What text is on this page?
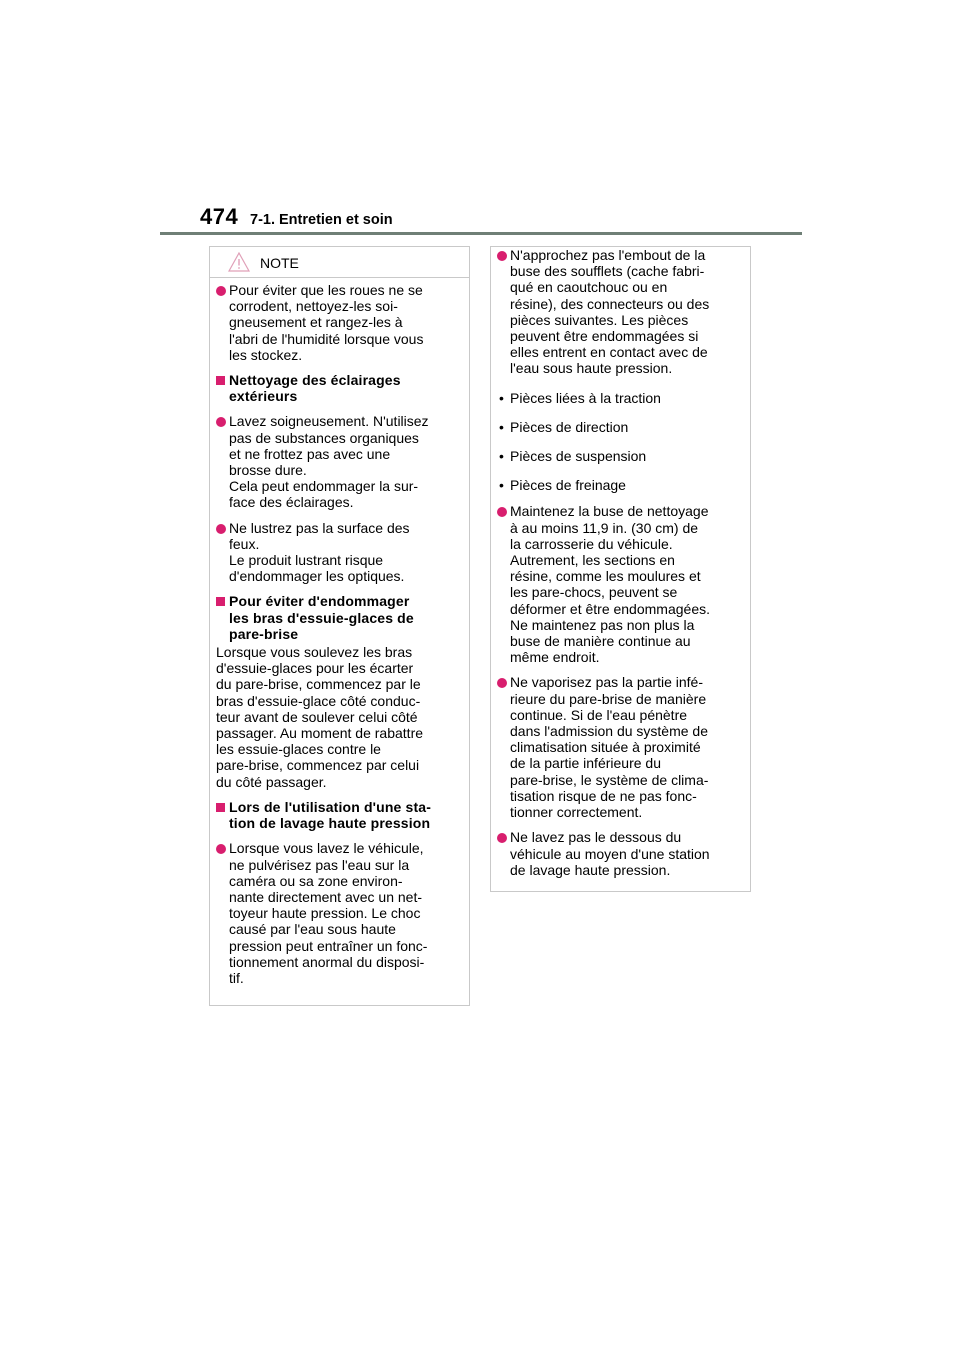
474 7-1. Entretien et soin
NOTE
Pour éviter que les roues ne se
corrodent, nettoyez-les soi-
gneusement et rangez-les à
l'abri de l'humidité lorsque vous
les stockez.
Nettoyage des éclairages
extérieurs
Lavez soigneusement. N'utilisez
pas de substances organiques
et ne frottez pas avec une
brosse dure.
Cela peut endommager la sur-
face des éclairages.
Ne lustrez pas la surface des
feux.
Le produit lustrant risque
d'endommager les optiques.
Pour éviter d'endommager
les bras d'essuie-glaces de
pare-brise
Lorsque vous soulevez les bras
d'essuie-glaces pour les écarter
du pare-brise, commencez par le
bras d'essuie-glace côté conduc-
teur avant de soulever celui côté
passager. Au moment de rabattre
les essuie-glaces contre le
pare-brise, commencez par celui
du côté passager.
Lors de l'utilisation d'une sta-
tion de lavage haute pression
Lorsque vous lavez le véhicule,
ne pulvérisez pas l'eau sur la
caméra ou sa zone environ-
nante directement avec un net-
toyeur haute pression. Le choc
causé par l'eau sous haute
pression peut entraîner un fonc-
tionnement anormal du disposi-
tif.
N'approchez pas l'embout de la
buse des soufflets (cache fabri-
qué en caoutchouc ou en
résine), des connecteurs ou des
pièces suivantes. Les pièces
peuvent être endommagées si
elles entrent en contact avec de
l'eau sous haute pression.
• Pièces liées à la traction
• Pièces de direction
• Pièces de suspension
• Pièces de freinage
Maintenez la buse de nettoyage
à au moins 11,9 in. (30 cm) de
la carrosserie du véhicule.
Autrement, les sections en
résine, comme les moulures et
les pare-chocs, peuvent se
déformer et être endommagées.
Ne maintenez pas non plus la
buse de manière continue au
même endroit.
Ne vaporisez pas la partie infé-
rieure du pare-brise de manière
continue. Si de l'eau pénètre
dans l'admission du système de
climatisation située à proximité
de la partie inférieure du
pare-brise, le système de clima-
tisation risque de ne pas fonc-
tionner correctement.
Ne lavez pas le dessous du
véhicule au moyen d'une station
de lavage haute pression.
